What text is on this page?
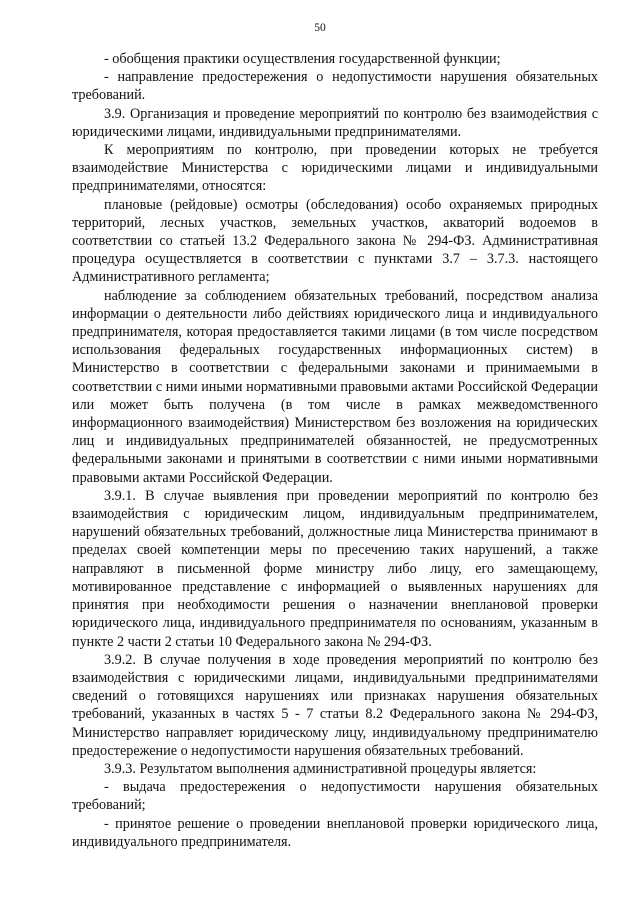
50

- обобщения практики осуществления государственной функции;

- направление предостережения о недопустимости нарушения обязательных требований.

3.9. Организация и проведение мероприятий по контролю без взаимодействия с юридическими лицами, индивидуальными предпринимателями.

К мероприятиям по контролю, при проведении которых не требуется взаимодействие Министерства с юридическими лицами и индивидуальными предпринимателями, относятся:

плановые (рейдовые) осмотры (обследования) особо охраняемых природных территорий, лесных участков, земельных участков, акваторий водоемов в соответствии со статьей 13.2 Федерального закона № 294-ФЗ. Административная процедура осуществляется в соответствии с пунктами 3.7 – 3.7.3. настоящего Административного регламента;

наблюдение за соблюдением обязательных требований, посредством анализа информации о деятельности либо действиях юридического лица и индивидуального предпринимателя, которая предоставляется такими лицами (в том числе посредством использования федеральных государственных информационных систем) в Министерство в соответствии с федеральными законами и принимаемыми в соответствии с ними иными нормативными правовыми актами Российской Федерации или может быть получена (в том числе в рамках межведомственного информационного взаимодействия) Министерством без возложения на юридических лиц и индивидуальных предпринимателей обязанностей, не предусмотренных федеральными законами и принятыми в соответствии с ними иными нормативными правовыми актами Российской Федерации.

3.9.1. В случае выявления при проведении мероприятий по контролю без взаимодействия с юридическим лицом, индивидуальным предпринимателем, нарушений обязательных требований, должностные лица Министерства принимают в пределах своей компетенции меры по пресечению таких нарушений, а также направляют в письменной форме министру либо лицу, его замещающему, мотивированное представление с информацией о выявленных нарушениях для принятия при необходимости решения о назначении внеплановой проверки юридического лица, индивидуального предпринимателя по основаниям, указанным в пункте 2 части 2 статьи 10 Федерального закона № 294-ФЗ.

3.9.2. В случае получения в ходе проведения мероприятий по контролю без взаимодействия с юридическими лицами, индивидуальными предпринимателями сведений о готовящихся нарушениях или признаках нарушения обязательных требований, указанных в частях 5 - 7 статьи 8.2 Федерального закона № 294-ФЗ, Министерство направляет юридическому лицу, индивидуальному предпринимателю предостережение о недопустимости нарушения обязательных требований.

3.9.3. Результатом выполнения административной процедуры является:

- выдача предостережения о недопустимости нарушения обязательных требований;

- принятое решение о проведении внеплановой проверки юридического лица, индивидуального предпринимателя.
